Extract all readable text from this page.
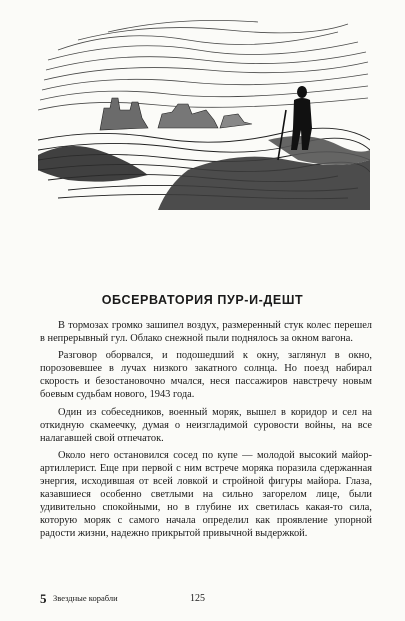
ОБСЕРВАТОРИЯ ПУР-И-ДЕШТ

В тормозах громко зашипел воздух, размеренный стук колес перешел в непрерывный гул. Облако снежной пыли поднялось за окном вагона.

Разговор оборвался, и подошедший к окну, заглянул в окно, порозовевшее в лучах низкого закатного солнца. Но поезд набирал скорость и безостановочно мчался, неся пассажиров навстречу новым боевым судьбам нового, 1943 года.

Один из собеседников, военный моряк, вышел в коридор и сел на откидную скамеечку, думая о неизгладимой суровости войны, на все налагавшей свой отпечаток.

Около него остановился сосед по купе — молодой высокий майор-артиллерист. Еще при первой с ним встрече моряка поразила сдержанная энергия, исходившая от всей ловкой и стройной фигуры майора. Глаза, казавшиеся особенно светлыми на сильно загорелом лице, были удивительно спокойными, но в глубине их светилась какая-то сила, которую моряк с самого начала определил как проявление упорной радости жизни, надежно прикрытой привычной выдержкой.

5 Звездные корабли	125
